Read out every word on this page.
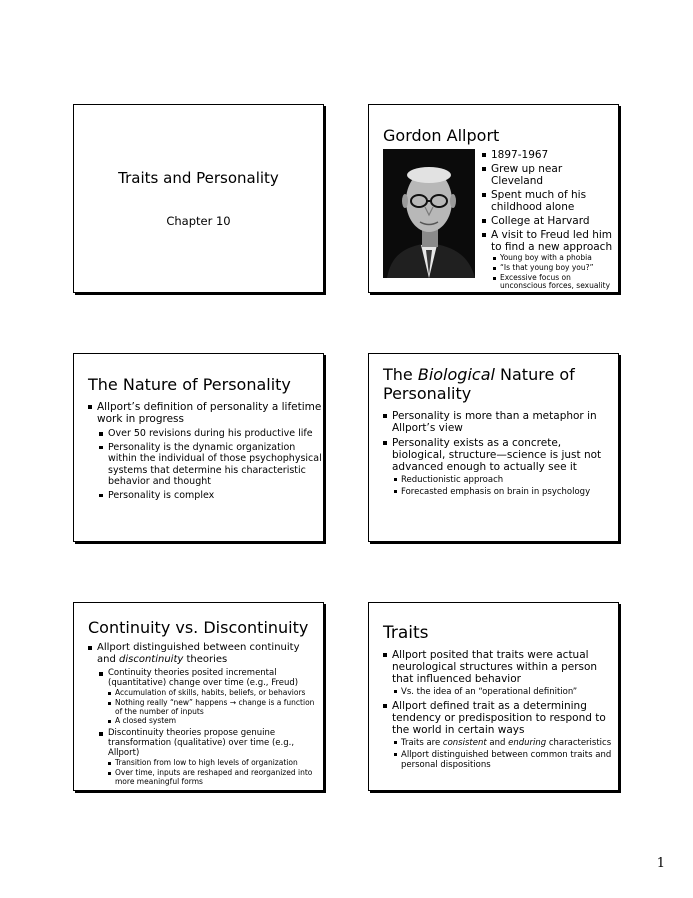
Traits and Personality
Chapter 10
Gordon Allport
1897-1967
Grew up near Cleveland
Spent much of his childhood alone
College at Harvard
A visit to Freud led him to find a new approach
Young boy with a phobia
“Is that young boy you?”
Excessive focus on unconscious forces, sexuality
The Nature of Personality
Allport’s definition of personality a lifetime work in progress
Over 50 revisions during his productive life
Personality is the dynamic organization within the individual of those psychophysical systems that determine his characteristic behavior and thought
Personality is complex
The Biological Nature of Personality
Personality is more than a metaphor in Allport’s view
Personality exists as a concrete, biological, structure—science is just not advanced enough to actually see it
Reductionistic approach
Forecasted emphasis on brain in psychology
Continuity vs. Discontinuity
Allport distinguished between continuity and discontinuity theories
Continuity theories posited incremental (quantitative) change over time (e.g., Freud)
Accumulation of skills, habits, beliefs, or behaviors
Nothing really “new” happens → change is a function of the number of inputs
A closed system
Discontinuity theories propose genuine transformation (qualitative) over time (e.g., Allport)
Transition from low to high levels of organization
Over time, inputs are reshaped and reorganized into more meaningful forms
Traits
Allport posited that traits were actual neurological structures within a person that influenced behavior
Vs. the idea of an “operational definition”
Allport defined trait as a determining tendency or predisposition to respond to the world in certain ways
Traits are consistent and enduring characteristics
Allport distinguished between common traits and personal dispositions
1
